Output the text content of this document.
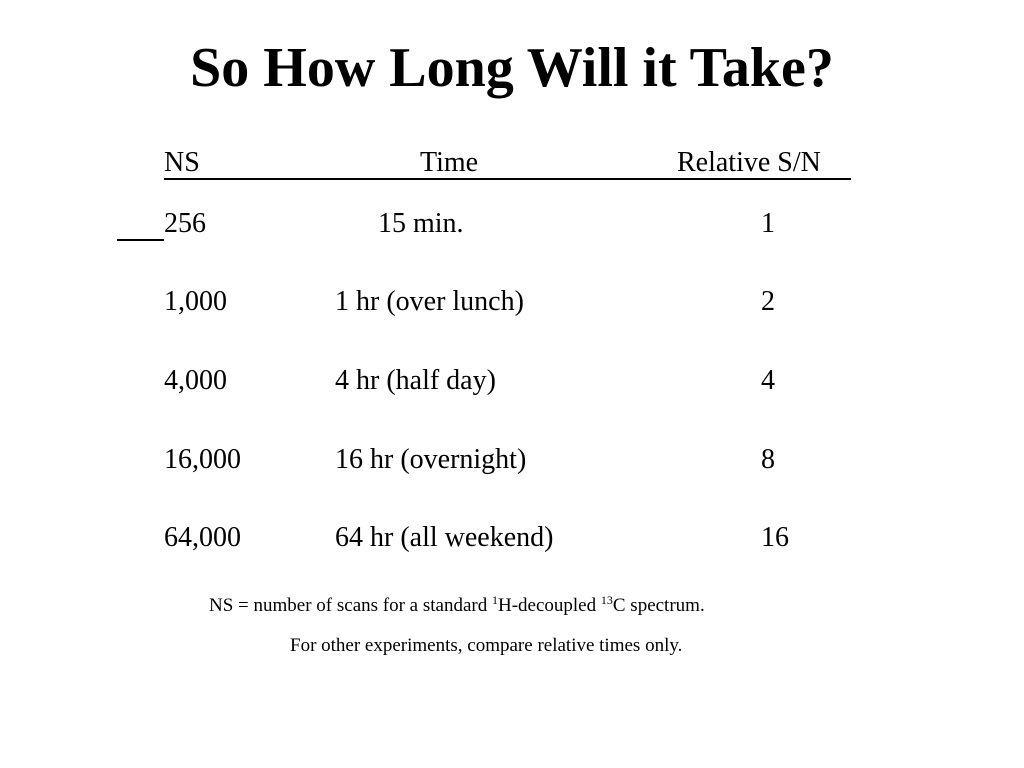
So How Long Will it Take?
NS	Time	Relative S/N
256	15 min.	1
1,000	1 hr (over lunch)	2
4,000	4 hr (half day)	4
16,000	16 hr (overnight)	8
64,000	64 hr (all weekend)	16
NS = number of scans for a standard $^1$H-decoupled $^{13}$C spectrum.
For other experiments, compare relative times only.
